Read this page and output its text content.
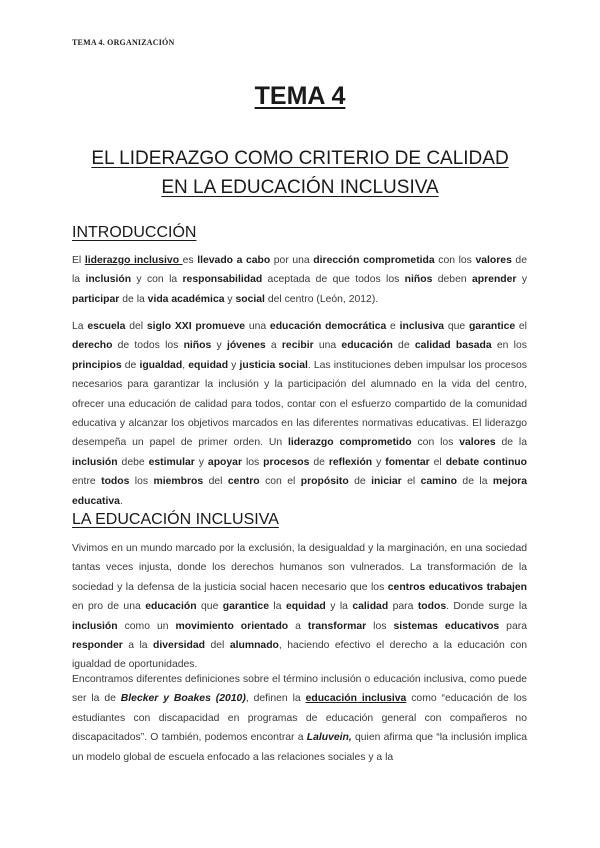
TEMA 4. ORGANIZACIÓN
TEMA 4
EL LIDERAZGO COMO CRITERIO DE CALIDAD
EN LA EDUCACIÓN INCLUSIVA
INTRODUCCIÓN

El liderazgo inclusivo es llevado a cabo por una dirección comprometida con los valores de la inclusión y con la responsabilidad aceptada de que todos los niños deben aprender y participar de la vida académica y social del centro (León, 2012).

La escuela del siglo XXI promueve una educación democrática e inclusiva que garantice el derecho de todos los niños y jóvenes a recibir una educación de calidad basada en los principios de igualdad, equidad y justicia social. Las instituciones deben impulsar los procesos necesarios para garantizar la inclusión y la participación del alumnado en la vida del centro, ofrecer una educación de calidad para todos, contar con el esfuerzo compartido de la comunidad educativa y alcanzar los objetivos marcados en las diferentes normativas educativas. El liderazgo desempeña un papel de primer orden. Un liderazgo comprometido con los valores de la inclusión debe estimular y apoyar los procesos de reflexión y fomentar el debate continuo entre todos los miembros del centro con el propósito de iniciar el camino de la mejora educativa.

LA EDUCACIÓN INCLUSIVA

Vivimos en un mundo marcado por la exclusión, la desigualdad y la marginación, en una sociedad tantas veces injusta, donde los derechos humanos son vulnerados. La transformación de la sociedad y la defensa de la justicia social hacen necesario que los centros educativos trabajen en pro de una educación que garantice la equidad y la calidad para todos. Donde surge la inclusión como un movimiento orientado a transformar los sistemas educativos para responder a la diversidad del alumnado, haciendo efectivo el derecho a la educación con igualdad de oportunidades.

Encontramos diferentes definiciones sobre el término inclusión o educación inclusiva, como puede ser la de Blecker y Boakes (2010), definen la educación inclusiva como “educación de los estudiantes con discapacidad en programas de educación general con compañeros no discapacitados”. O también, podemos encontrar a Laluvein, quien afirma que “la inclusión implica un modelo global de escuela enfocado a las relaciones sociales y a la
